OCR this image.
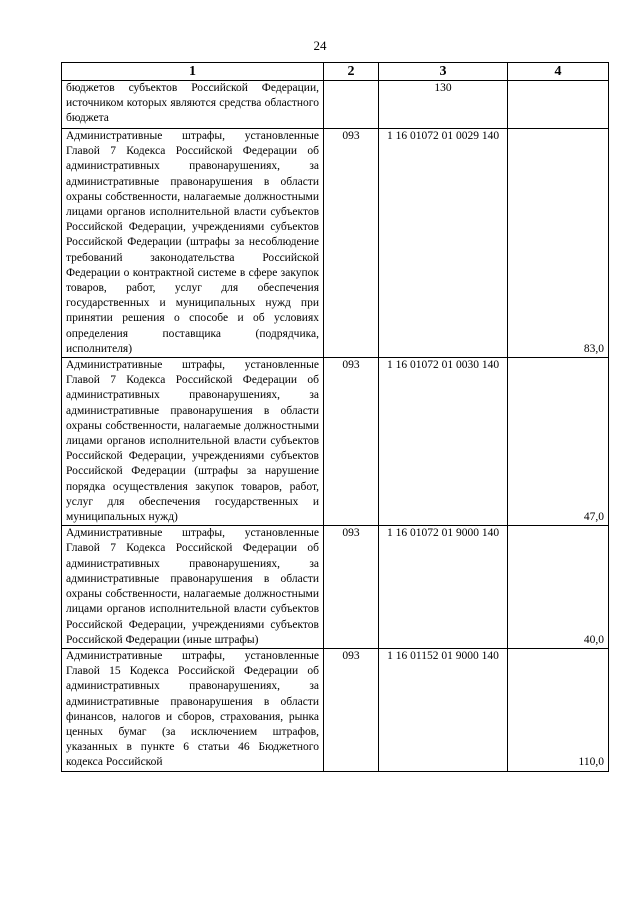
24
1	2	3	4
бюджетов субъектов Российской Федерации, источником которых являются средства областного бюджета		130	
Административные штрафы, установленные Главой 7 Кодекса Российской Федерации об административных правонарушениях, за административные правонарушения в области охраны собственности, налагаемые должностными лицами органов исполнительной власти субъектов Российской Федерации, учреждениями субъектов Российской Федерации (штрафы за несоблюдение требований законодательства Российской Федерации о контрактной системе в сфере закупок товаров, работ, услуг для обеспечения государственных и муниципальных нужд при принятии решения о способе и об условиях определения поставщика (подрядчика, исполнителя)	093	1 16 01072 01 0029 140	83,0
Административные штрафы, установленные Главой 7 Кодекса Российской Федерации об административных правонарушениях, за административные правонарушения в области охраны собственности, налагаемые должностными лицами органов исполнительной власти субъектов Российской Федерации, учреждениями субъектов Российской Федерации (штрафы за нарушение порядка осуществления закупок товаров, работ, услуг для обеспечения государственных и муниципальных нужд)	093	1 16 01072 01 0030 140	47,0
Административные штрафы, установленные Главой 7 Кодекса Российской Федерации об административных правонарушениях, за административные правонарушения в области охраны собственности, налагаемые должностными лицами органов исполнительной власти субъектов Российской Федерации, учреждениями субъектов Российской Федерации (иные штрафы)	093	1 16 01072 01 9000 140	40,0
Административные штрафы, установленные Главой 15 Кодекса Российской Федерации об административных правонарушениях, за административные правонарушения в области финансов, налогов и сборов, страхования, рынка ценных бумаг (за исключением штрафов, указанных в пункте 6 статьи 46 Бюджетного кодекса Российской	093	1 16 01152 01 9000 140	110,0
